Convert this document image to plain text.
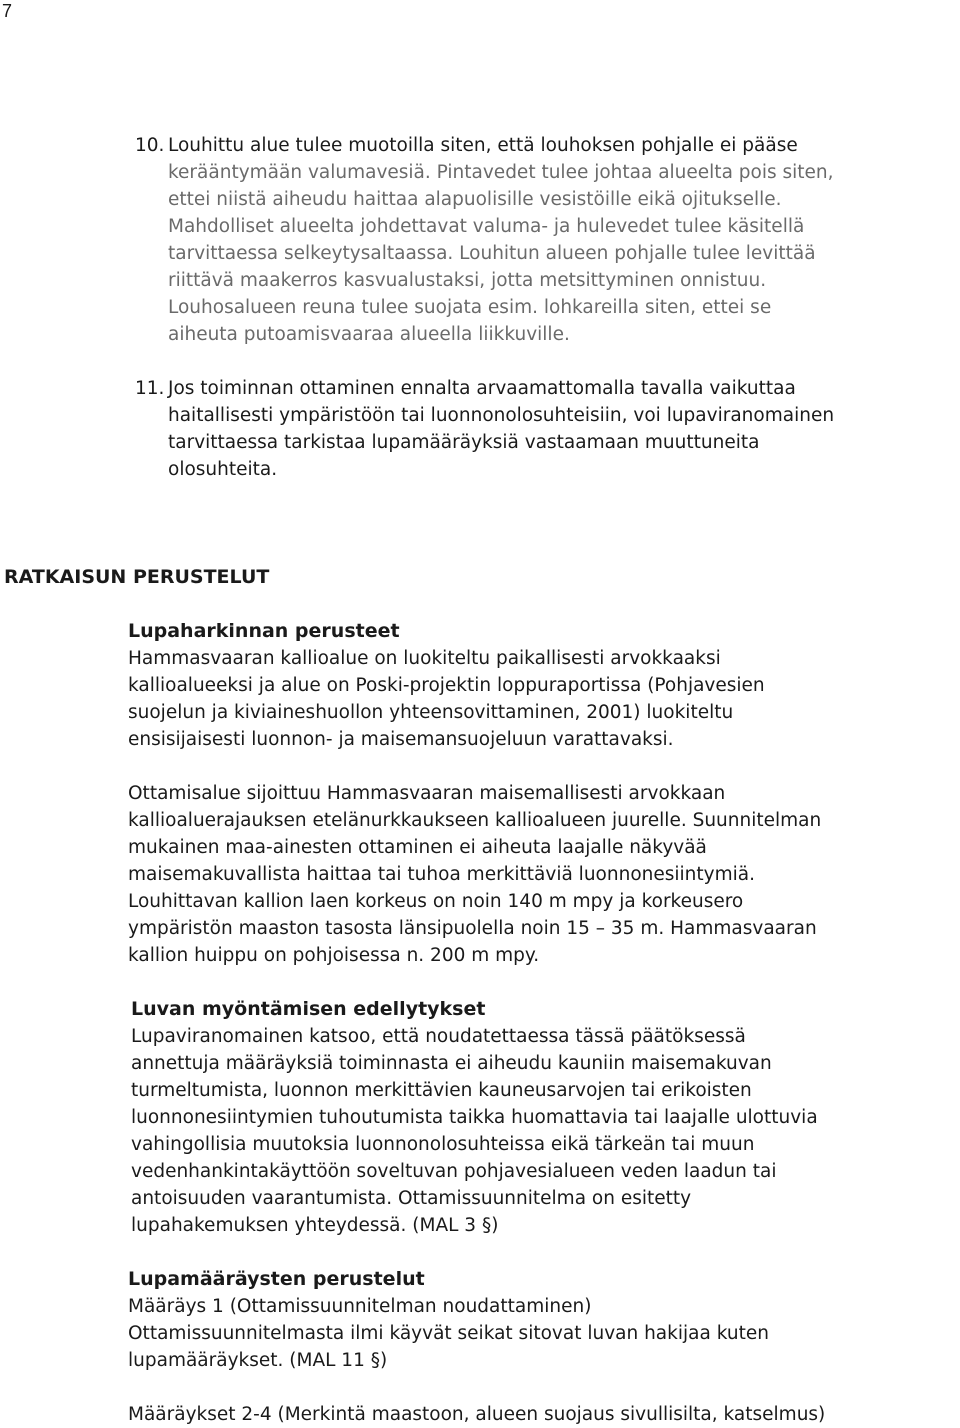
7
10. Louhittu alue tulee muotoilla siten, että louhoksen pohjalle ei pääse
kerääntymään valumavesiä. Pintavedet tulee johtaa alueelta pois siten,
ettei niistä aiheudu haittaa alapuolisille vesistöille eikä ojitukselle.
Mahdolliset alueelta johdettavat valuma- ja hulevedet tulee käsitellä
tarvittaessa selkeytysaltaassa. Louhitun alueen pohjalle tulee levittää
riittävä maakerros kasvualustaksi, jotta metsittyminen onnistuu.
Louhosalueen reuna tulee suojata esim. lohkareilla siten, ettei se
aiheuta putoamisvaaraa alueella liikkuville.
11. Jos toiminnan ottaminen ennalta arvaamattomalla tavalla vaikuttaa
haitallisesti ympäristöön tai luonnonolosuhteisiin, voi lupaviranomainen
tarvittaessa tarkistaa lupamääräyksiä vastaamaan muuttuneita
olosuhteita.
RATKAISUN PERUSTELUT
Lupaharkinnan perusteet
Hammasvaaran kallioalue on luokiteltu paikallisesti arvokkaaksi
kallioalueeksi ja alue on Poski-projektin loppuraportissa (Pohjavesien
suojelun ja kiviaineshuollon yhteensovittaminen, 2001) luokiteltu
ensisijaisesti luonnon- ja maisemansuojeluun varattavaksi.
Ottamisalue sijoittuu Hammasvaaran maisemallisesti arvokkaan
kallioaluerajauksen etelänurkkaukseen kallioalueen juurelle. Suunnitelman
mukainen maa-ainesten ottaminen ei aiheuta laajalle näkyvää
maisemakuvallista haittaa tai tuhoa merkittäviä luonnonesiintymiä.
Louhittavan kallion laen korkeus on noin 140 m mpy ja korkeusero
ympäristön maaston tasosta länsipuolella noin 15 – 35 m. Hammasvaaran
kallion huippu on pohjoisessa n. 200 m mpy.
Luvan myöntämisen edellytykset
Lupaviranomainen katsoo, että noudatettaessa tässä päätöksessä
annettuja määräyksiä toiminnasta ei aiheudu kauniin maisemakuvan
turmeltumista, luonnon merkittävien kauneusarvojen tai erikoisten
luonnonesiintymien tuhoutumista taikka huomattavia tai laajalle ulottuvia
vahingollisia muutoksia luonnonolosuhteissa eikä tärkeän tai muun
vedenhankintakäyttöön soveltuvan pohjavesialueen veden laadun tai
antoisuuden vaarantumista. Ottamissuunnitelma on esitetty
lupahakemuksen yhteydessä. (MAL 3 §)
Lupamääräysten perustelut
Määräys 1 (Ottamissuunnitelman noudattaminen)
Ottamissuunnitelmasta ilmi käyvät seikat sitovat luvan hakijaa kuten
lupamääräykset. (MAL 11 §)
Määräykset 2-4 (Merkintä maastoon, alueen suojaus sivullisilta, katselmus)
